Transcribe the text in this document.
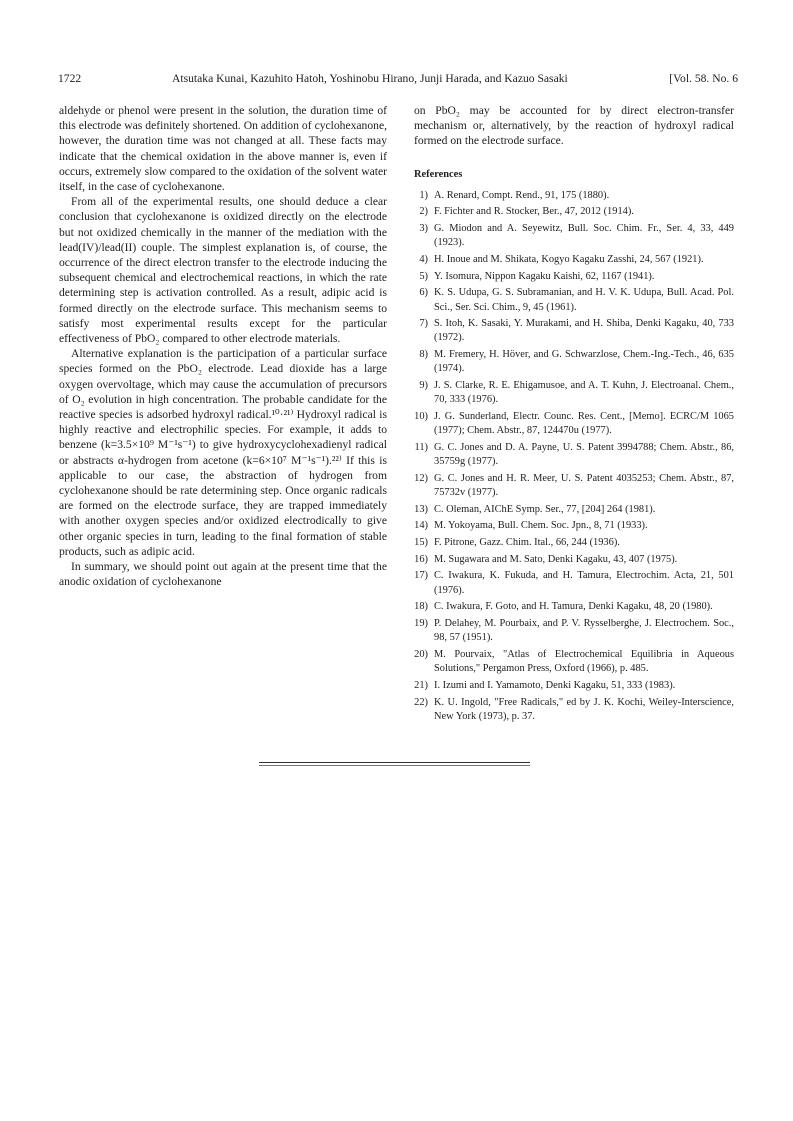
1722	Atsutaka Kunai, Kazuhito Hatoh, Yoshinobu Hirano, Junji Harada, and Kazuo Sasaki	[Vol. 58. No. 6

aldehyde or phenol were present in the solution, the duration time of this electrode was definitely shortened. On addition of cyclohexanone, however, the duration time was not changed at all. These facts may indicate that the chemical oxidation in the above manner is, even if occurs, extremely slow compared to the oxidation of the solvent water itself, in the case of cyclohexanone.

From all of the experimental results, one should deduce a clear conclusion that cyclohexanone is oxidized directly on the electrode but not oxidized chemically in the manner of the mediation with the lead(IV)/lead(II) couple. The simplest explanation is, of course, the occurrence of the direct electron transfer to the electrode inducing the subsequent chemical and electrochemical reactions, in which the rate determining step is activation controlled. As a result, adipic acid is formed directly on the electrode surface. This mechanism seems to satisfy most experimental results except for the particular effectiveness of PbO₂ compared to other electrode materials.

Alternative explanation is the participation of a particular surface species formed on the PbO₂ electrode. Lead dioxide has a large oxygen overvoltage, which may cause the accumulation of precursors of O₂ evolution in high concentration. The probable candidate for the reactive species is adsorbed hydroxyl radical.¹⁰·²¹⁾ Hydroxyl radical is highly reactive and electrophilic species. For example, it adds to benzene (k=3.5×10⁹ M⁻¹s⁻¹) to give hydroxycyclohexadienyl radical or abstracts α-hydrogen from acetone (k=6×10⁷ M⁻¹s⁻¹).²²⁾ If this is applicable to our case, the abstraction of hydrogen from cyclohexanone should be rate determining step. Once organic radicals are formed on the electrode surface, they are trapped immediately with another oxygen species and/or oxidized electrodically to give other organic species in turn, leading to the final formation of stable products, such as adipic acid.

In summary, we should point out again at the present time that the anodic oxidation of cyclohexanone

on PbO₂ may be accounted for by direct electron-transfer mechanism or, alternatively, by the reaction of hydroxyl radical formed on the electrode surface.

References
1) A. Renard, Compt. Rend., 91, 175 (1880).
2) F. Fichter and R. Stocker, Ber., 47, 2012 (1914).
3) G. Miodon and A. Seyewitz, Bull. Soc. Chim. Fr., Ser. 4, 33, 449 (1923).
4) H. Inoue and M. Shikata, Kogyo Kagaku Zasshi, 24, 567 (1921).
5) Y. Isomura, Nippon Kagaku Kaishi, 62, 1167 (1941).
6) K. S. Udupa, G. S. Subramanian, and H. V. K. Udupa, Bull. Acad. Pol. Sci., Ser. Sci. Chim., 9, 45 (1961).
7) S. Itoh, K. Sasaki, Y. Murakami, and H. Shiba, Denki Kagaku, 40, 733 (1972).
8) M. Fremery, H. Höver, and G. Schwarzlose, Chem.-Ing.-Tech., 46, 635 (1974).
9) J. S. Clarke, R. E. Ehigamusoe, and A. T. Kuhn, J. Electroanal. Chem., 70, 333 (1976).
10) J. G. Sunderland, Electr. Counc. Res. Cent., [Memo]. ECRC/M 1065 (1977); Chem. Abstr., 87, 124470u (1977).
11) G. C. Jones and D. A. Payne, U. S. Patent 3994788; Chem. Abstr., 86, 35759g (1977).
12) G. C. Jones and H. R. Meer, U. S. Patent 4035253; Chem. Abstr., 87, 75732v (1977).
13) C. Oleman, AIChE Symp. Ser., 77, [204] 264 (1981).
14) M. Yokoyama, Bull. Chem. Soc. Jpn., 8, 71 (1933).
15) F. Pitrone, Gazz. Chim. Ital., 66, 244 (1936).
16) M. Sugawara and M. Sato, Denki Kagaku, 43, 407 (1975).
17) C. Iwakura, K. Fukuda, and H. Tamura, Electrochim. Acta, 21, 501 (1976).
18) C. Iwakura, F. Goto, and H. Tamura, Denki Kagaku, 48, 20 (1980).
19) P. Delahey, M. Pourbaix, and P. V. Rysselberghe, J. Electrochem. Soc., 98, 57 (1951).
20) M. Pourvaix, "Atlas of Electrochemical Equilibria in Aqueous Solutions," Pergamon Press, Oxford (1966), p. 485.
21) I. Izumi and I. Yamamoto, Denki Kagaku, 51, 333 (1983).
22) K. U. Ingold, "Free Radicals," ed by J. K. Kochi, Weiley-Interscience, New York (1973), p. 37.
